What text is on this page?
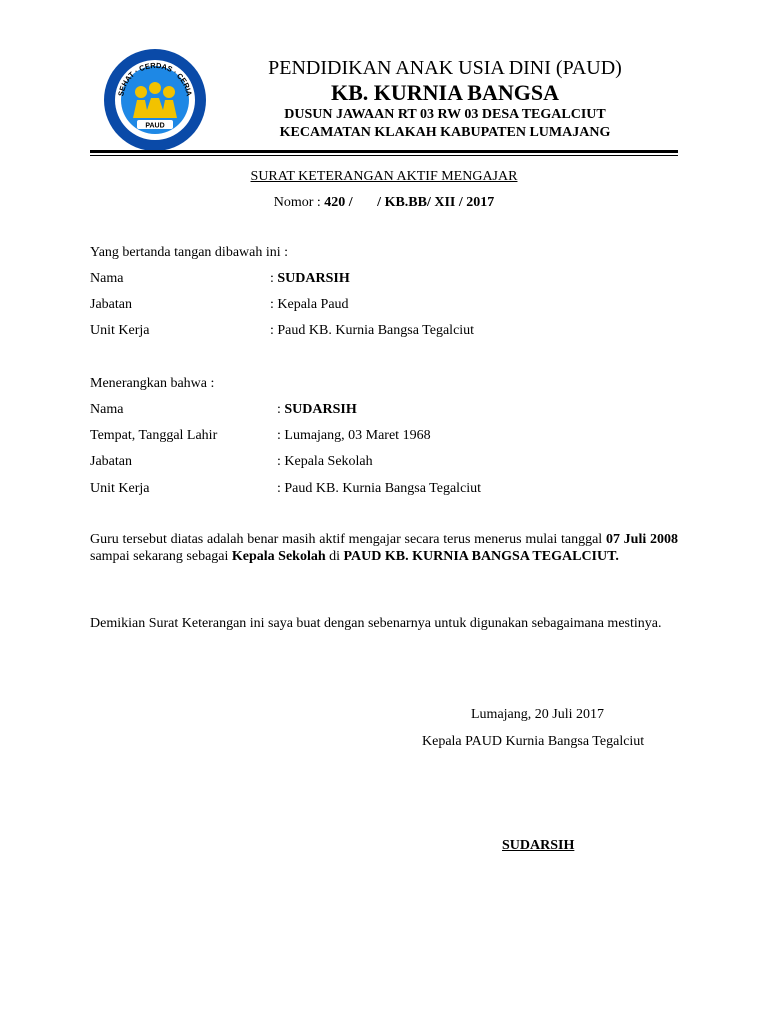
SEHAT · CERDAS · CERIA
PAUD
PENDIDIKAN ANAK USIA DINI (PAUD)
KB. KURNIA BANGSA
DUSUN JAWAAN RT 03 RW 03 DESA TEGALCIUT
KECAMATAN KLAKAH KABUPATEN LUMAJANG
SURAT KETERANGAN AKTIF MENGAJAR
Nomor : 420 /       / KB.BB/ XII / 2017
Yang bertanda tangan dibawah ini :
Nama	: SUDARSIH
Jabatan	: Kepala Paud
Unit Kerja	: Paud KB. Kurnia Bangsa Tegalciut
Menerangkan bahwa :
Nama	: SUDARSIH
Tempat, Tanggal Lahir	: Lumajang, 03 Maret 1968
Jabatan	: Kepala Sekolah
Unit Kerja	: Paud KB. Kurnia Bangsa Tegalciut
Guru tersebut diatas adalah benar masih aktif mengajar secara terus menerus mulai tanggal 07 Juli 2008 sampai sekarang sebagai Kepala Sekolah di PAUD KB. KURNIA BANGSA TEGALCIUT.
Demikian Surat Keterangan ini saya buat dengan sebenarnya untuk digunakan sebagaimana mestinya.
Lumajang, 20 Juli 2017
Kepala PAUD Kurnia Bangsa Tegalciut
SUDARSIH
